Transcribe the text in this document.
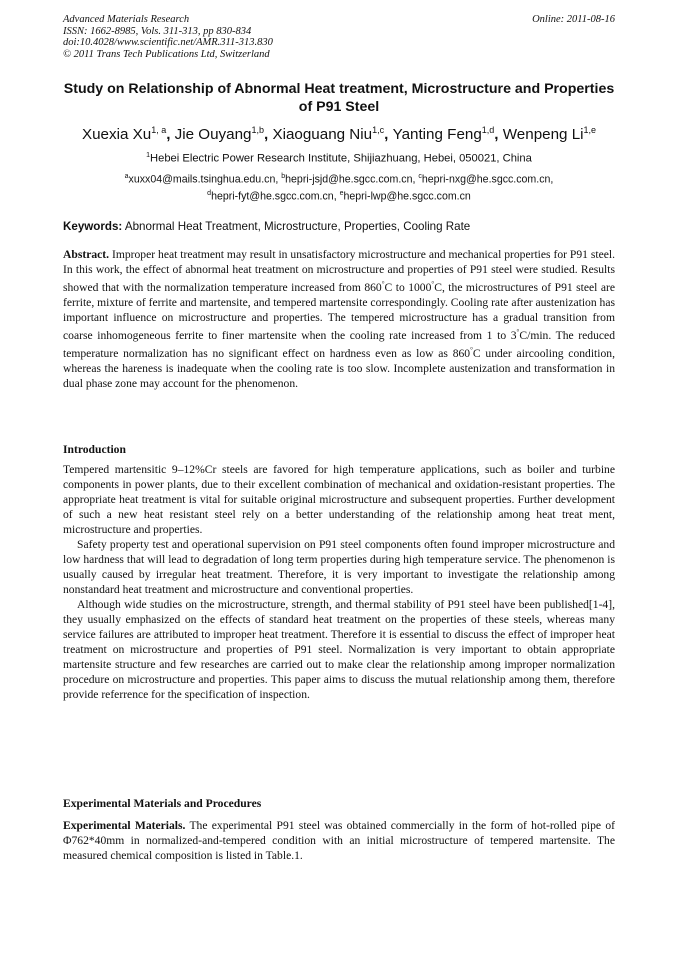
Advanced Materials Research
ISSN: 1662-8985, Vols. 311-313, pp 830-834
doi:10.4028/www.scientific.net/AMR.311-313.830
© 2011 Trans Tech Publications Ltd, Switzerland
Online: 2011-08-16
Study on Relationship of Abnormal Heat treatment, Microstructure and Properties of P91 Steel
Xuexia Xu$^{1, a}$, Jie Ouyang$^{1,b}$, Xiaoguang Niu$^{1,c}$, Yanting Feng$^{1,d}$, Wenpeng Li$^{1,e}$
$^1$Hebei Electric Power Research Institute, Shijiazhuang, Hebei, 050021, China
$^a$xuxx04@mails.tsinghua.edu.cn, $^b$hepri-jsjd@he.sgcc.com.cn, $^c$hepri-nxg@he.sgcc.com.cn,
$^d$hepri-fyt@he.sgcc.com.cn, $^e$hepri-lwp@he.sgcc.com.cn
Keywords: Abnormal Heat Treatment, Microstructure, Properties, Cooling Rate

Abstract. Improper heat treatment may result in unsatisfactory microstructure and mechanical properties for P91 steel. In this work, the effect of abnormal heat treatment on microstructure and properties of P91 steel were studied. Results showed that with the normalization temperature increased from 860°C to 1000°C, the microstructures of P91 steel are ferrite, mixture of ferrite and martensite, and tempered martensite correspondingly. Cooling rate after austenization has important influence on microstructure and properties. The tempered microstructure has a gradual transition from coarse inhomogeneous ferrite to finer martensite when the cooling rate increased from 1 to 3°C/min. The reduced temperature normalization has no significant effect on hardness even as low as 860°C under aircooling condition, whereas the hareness is inadequate when the cooling rate is too slow. Incomplete austenization and transformation in dual phase zone may account for the phenomenon.

Introduction

Tempered martensitic 9–12%Cr steels are favored for high temperature applications, such as boiler and turbine components in power plants, due to their excellent combination of mechanical and oxidation-resistant properties. The appropriate heat treatment is vital for suitable original microstructure and subsequent properties. Further development of such a new heat resistant steel rely on a better understanding of the relationship among heat treat ment, microstructure and properties.

Safety property test and operational supervision on P91 steel components often found improper microstructure and low hardness that will lead to degradation of long term properties during high temperature service. The phenomenon is usually caused by irregular heat treatment. Therefore, it is very important to investigate the relationship among nonstandard heat treatment and microstructure and conventional properties.

Although wide studies on the microstructure, strength, and thermal stability of P91 steel have been published[1-4], they usually emphasized on the effects of standard heat treatment on the properties of these steels, whereas many service failures are attributed to improper heat treatment. Therefore it is essential to discuss the effect of improper heat treatment on microstructure and properties of P91 steel. Normalization is very important to obtain appropriate martensite structure and few researches are carried out to make clear the relationship among improper normalization procedure on microstructure and properties. This paper aims to discuss the mutual relationship among them, therefore provide referrence for the specification of inspection.

Experimental Materials and Procedures

Experimental Materials. The experimental P91 steel was obtained commercially in the form of hot-rolled pipe of Φ762*40mm in normalized-and-tempered condition with an initial microstructure of tempered martensite. The measured chemical composition is listed in Table.1.
